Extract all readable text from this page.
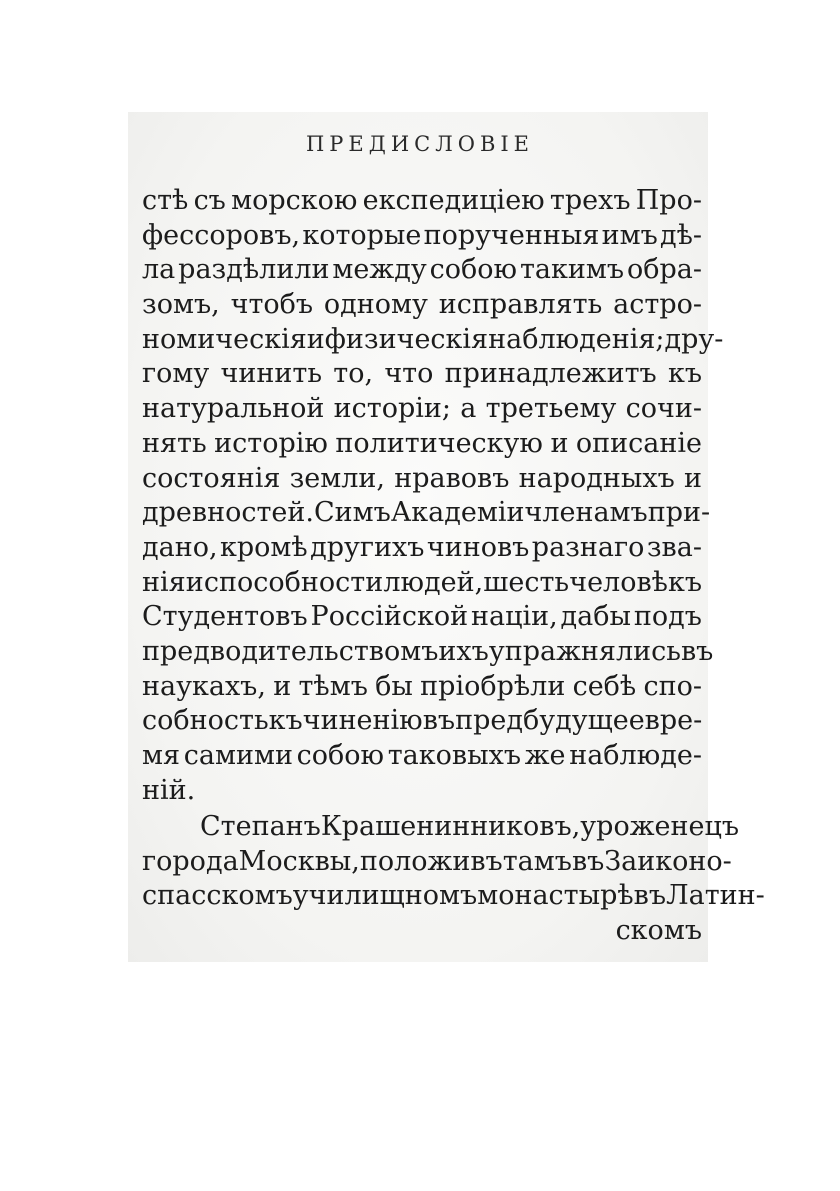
ПРЕДИСЛОВІЕ
стѣ съ морскою експедиціею трехъ Про-
фессоровъ, которые порученныя имъ дѣ-
ла раздѣлили между собою такимъ обра-
зомъ, чтобъ одному исправлять астро-
номическія и физическія наблюденія; дру-
гому чинить то, что принадлежитъ къ
натуральной исторіи; а третьему сочи-
нять исторію политическую и описаніе
состоянія земли, нравовъ народныхъ и
древностей. Симъ Академіи членамъ при-
дано, кромѣ другихъ чиновъ разнаго зва-
нія и способности людей, шесть человѣкъ
Студентовъ Россійской націи, дабы подъ
предводительствомъ ихъ упражнялись въ
наукахъ, и тѣмъ бы пріобрѣли себѣ спо-
собность къ чиненію въ предбудущее вре-
мя самими собою таковыхъ же наблюде-
ній.
Степанъ Крашенинниковъ, уроженецъ
города Москвы, положивъ тамъ въ Заиконо-
спасскомъ училищномъ монастырѣ въ Латин-
скомъ
